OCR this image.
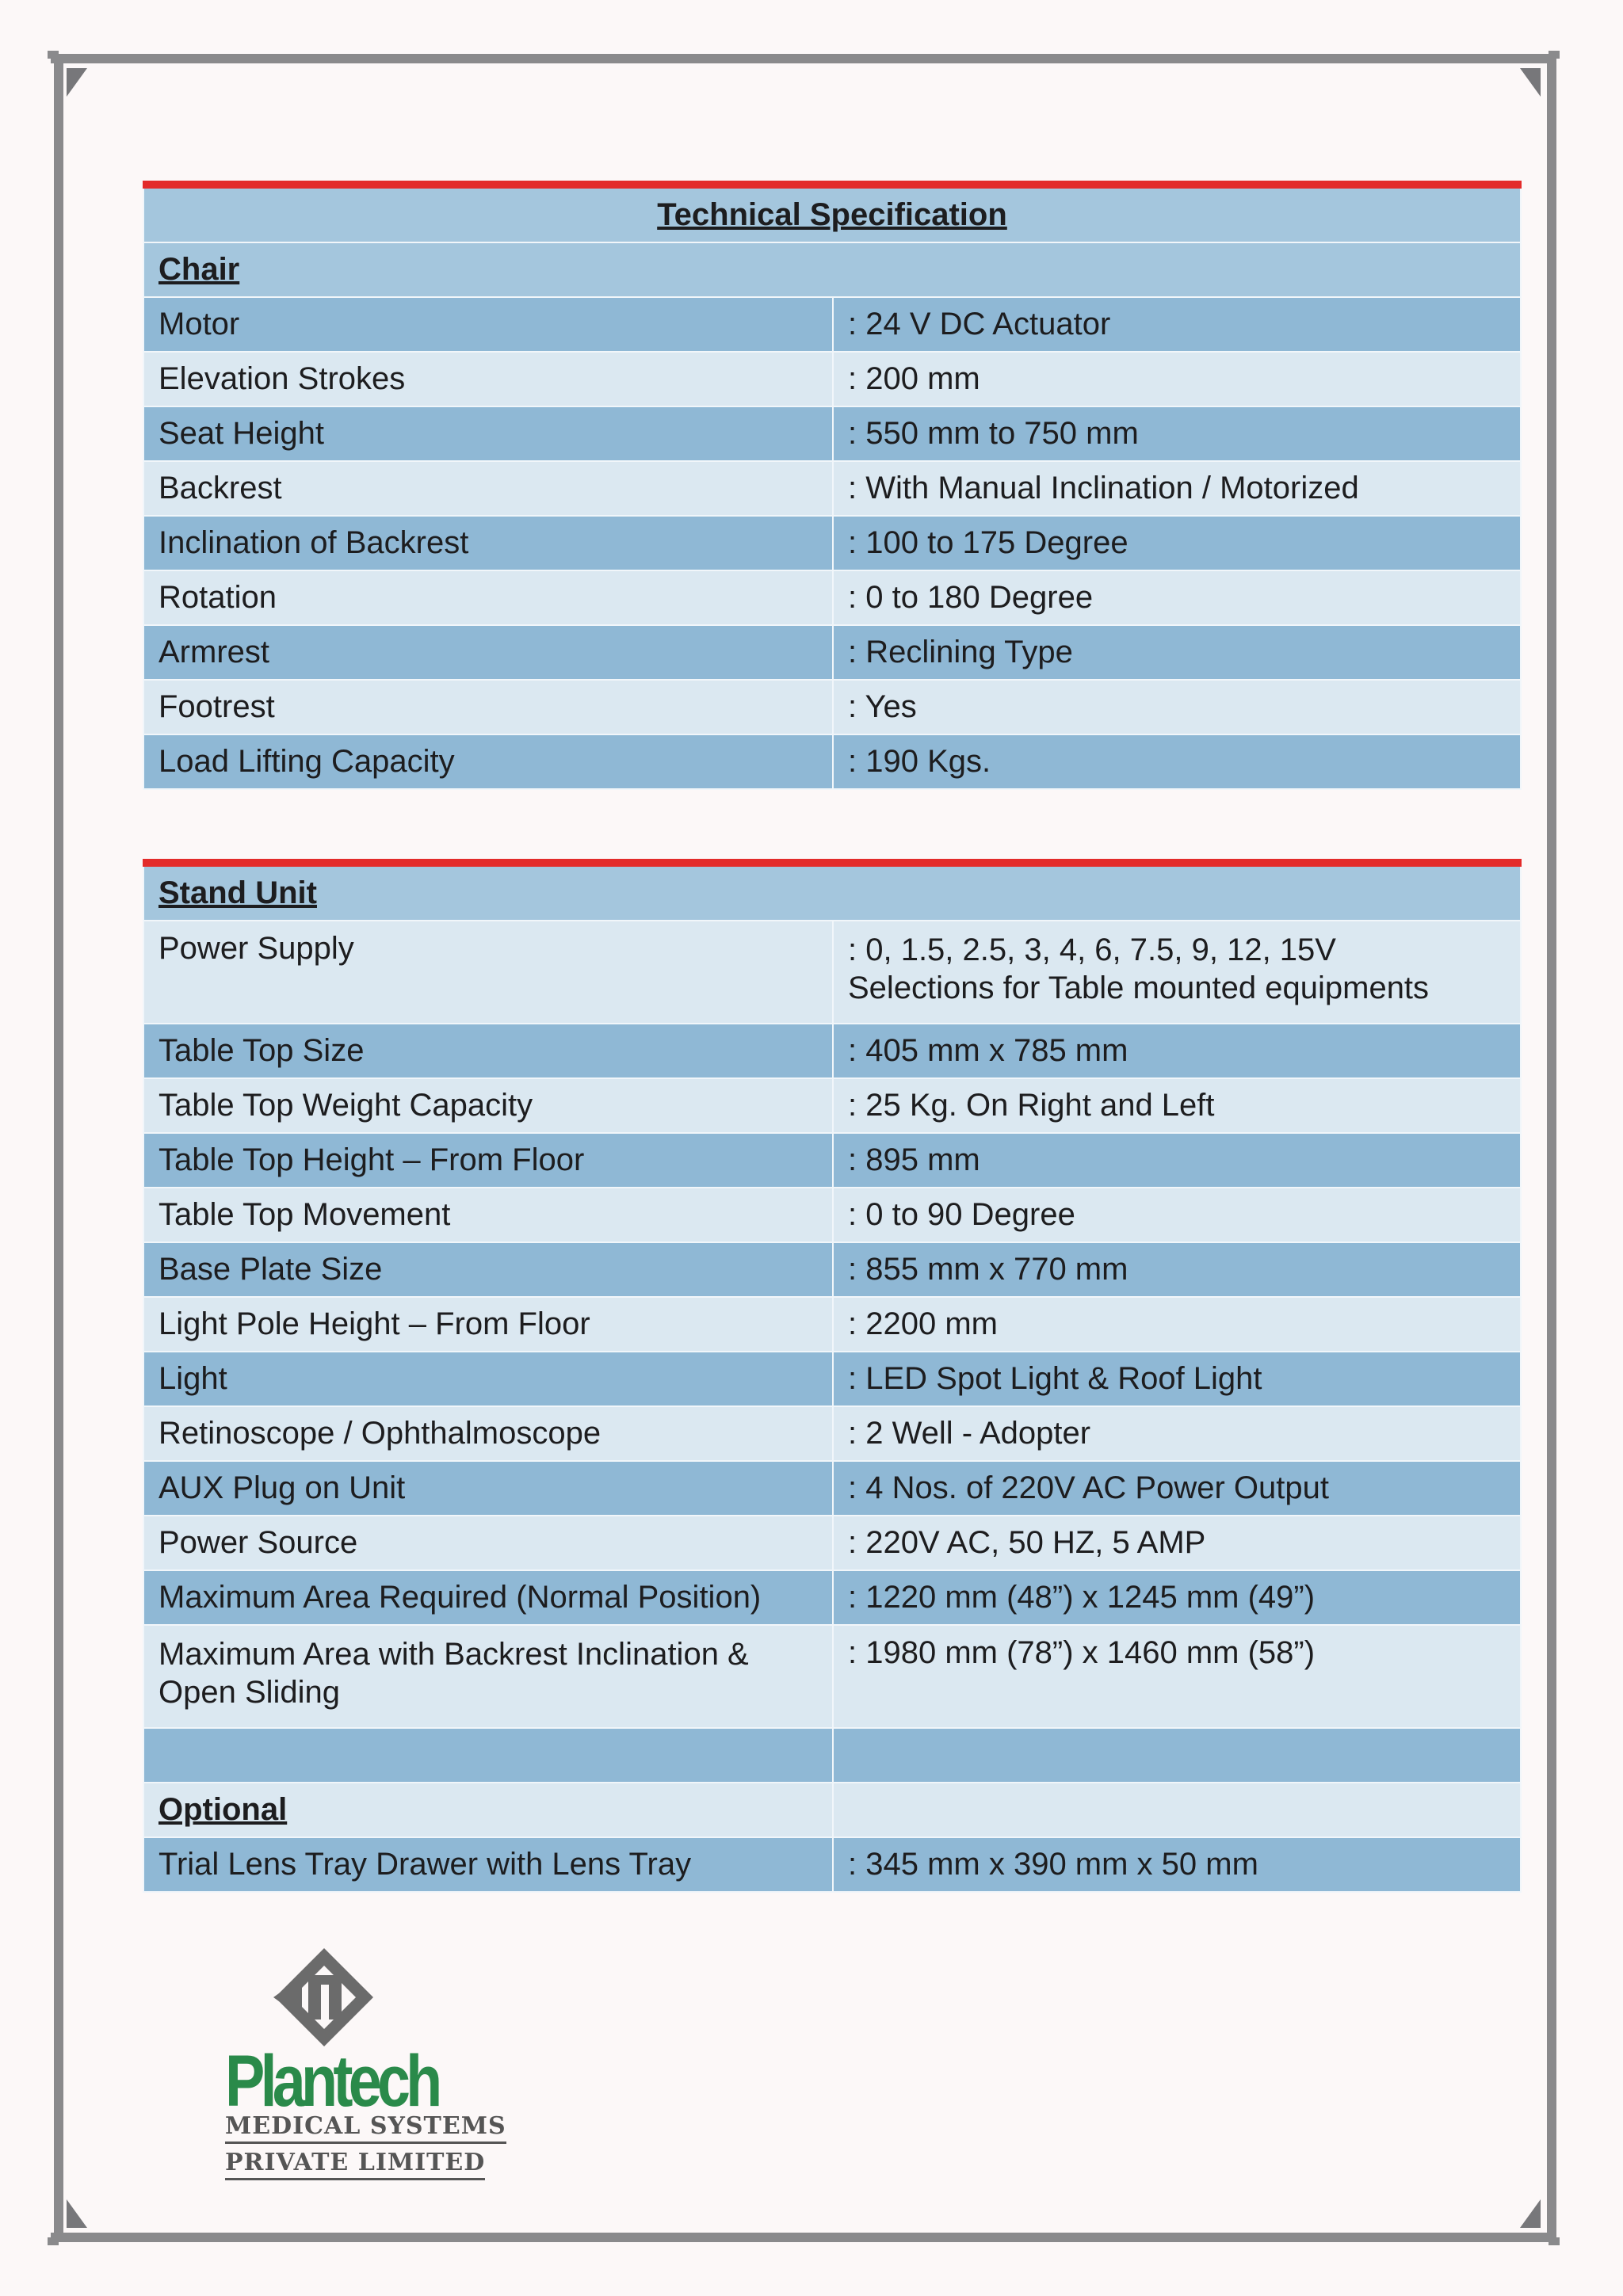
Technical Specification	
Chair	
Motor	: 24 V DC Actuator
Elevation Strokes	: 200 mm
Seat Height	: 550 mm to 750 mm
Backrest	: With Manual Inclination / Motorized
Inclination of Backrest	: 100 to 175 Degree
Rotation	: 0 to 180 Degree
Armrest	: Reclining Type
Footrest	: Yes
Load Lifting Capacity	: 190 Kgs.
Stand Unit	
Power Supply	: 0, 1.5, 2.5, 3, 4, 6, 7.5, 9, 12, 15V
Selections for Table mounted equipments

Table Top Size	: 405 mm x 785 mm
Table Top Weight Capacity	: 25 Kg. On Right and Left
Table Top Height – From Floor	: 895 mm
Table Top Movement	: 0 to 90 Degree
Base Plate Size	: 855 mm x 770 mm
Light Pole Height – From Floor	: 2200 mm
Light	: LED Spot Light & Roof Light
Retinoscope / Ophthalmoscope	: 2 Well - Adopter
AUX Plug on Unit	: 4 Nos. of 220V AC Power Output
Power Source	: 220V AC, 50 HZ, 5 AMP
Maximum Area Required (Normal Position)	: 1220 mm (48”) x 1245 mm (49”)

Maximum Area with Backrest Inclination &
Open Sliding	: 1980 mm (78”) x 1460 mm (58”)

Optional	
Trial Lens Tray Drawer with Lens Tray	: 345 mm x 390 mm x 50 mm
Plantech
MEDICAL SYSTEMS
PRIVATE LIMITED
